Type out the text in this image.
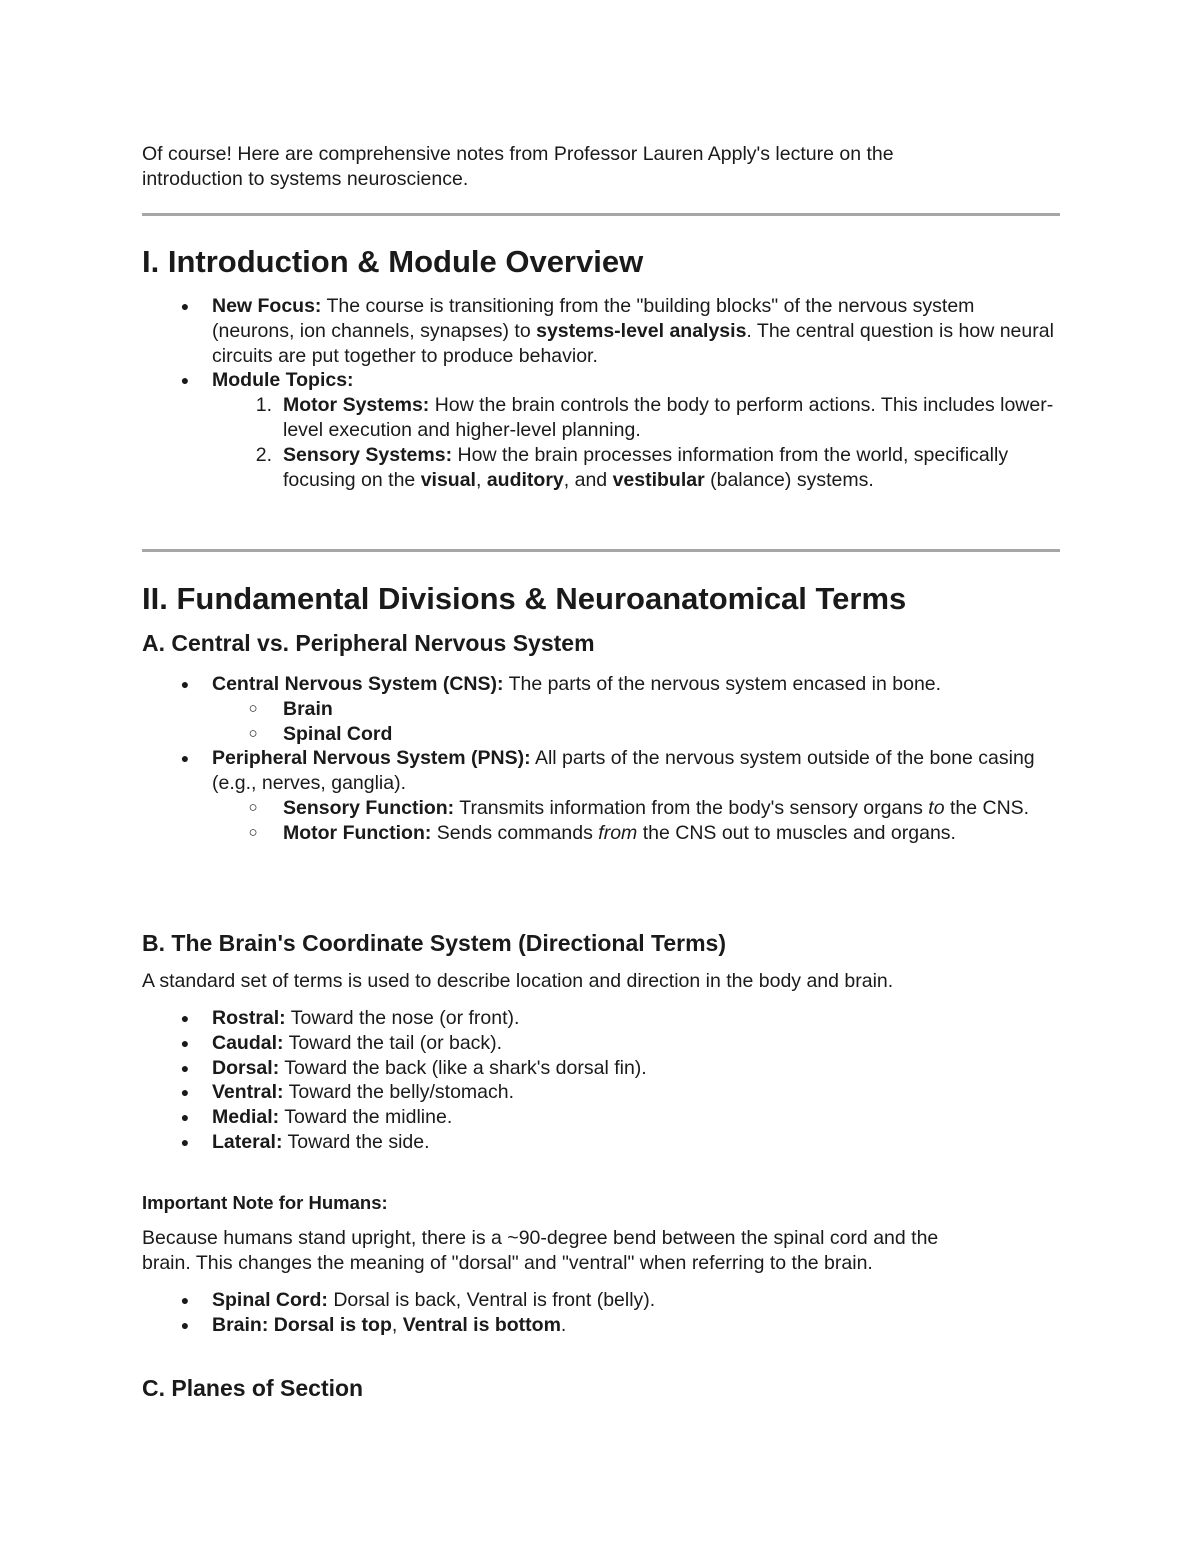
Of course! Here are comprehensive notes from Professor Lauren Apply's lecture on the

introduction to systems neuroscience.

I. Introduction & Module Overview
● New Focus: The course is transitioning from the "building blocks" of the nervous system (neurons, ion channels, synapses) to systems-level analysis. The central question is how neural circuits are put together to produce behavior.
● Module Topics:
1. Motor Systems: How the brain controls the body to perform actions. This includes lower-level execution and higher-level planning.
2. Sensory Systems: How the brain processes information from the world, specifically focusing on the visual, auditory, and vestibular (balance) systems.
II. Fundamental Divisions & Neuroanatomical Terms
A. Central vs. Peripheral Nervous System
● Central Nervous System (CNS): The parts of the nervous system encased in bone.
○ Brain
○ Spinal Cord
● Peripheral Nervous System (PNS): All parts of the nervous system outside of the bone casing (e.g., nerves, ganglia).
○ Sensory Function: Transmits information from the body's sensory organs to the CNS.
○ Motor Function: Sends commands from the CNS out to muscles and organs.
B. The Brain's Coordinate System (Directional Terms)

A standard set of terms is used to describe location and direction in the body and brain.

● Rostral: Toward the nose (or front).
● Caudal: Toward the tail (or back).
● Dorsal: Toward the back (like a shark's dorsal fin).
● Ventral: Toward the belly/stomach.
● Medial: Toward the midline.
● Lateral: Toward the side.
Important Note for Humans:

Because humans stand upright, there is a ~90-degree bend between the spinal cord and the

brain. This changes the meaning of "dorsal" and "ventral" when referring to the brain.

● Spinal Cord: Dorsal is back, Ventral is front (belly).
● Brain: Dorsal is top, Ventral is bottom.
C. Planes of Section
